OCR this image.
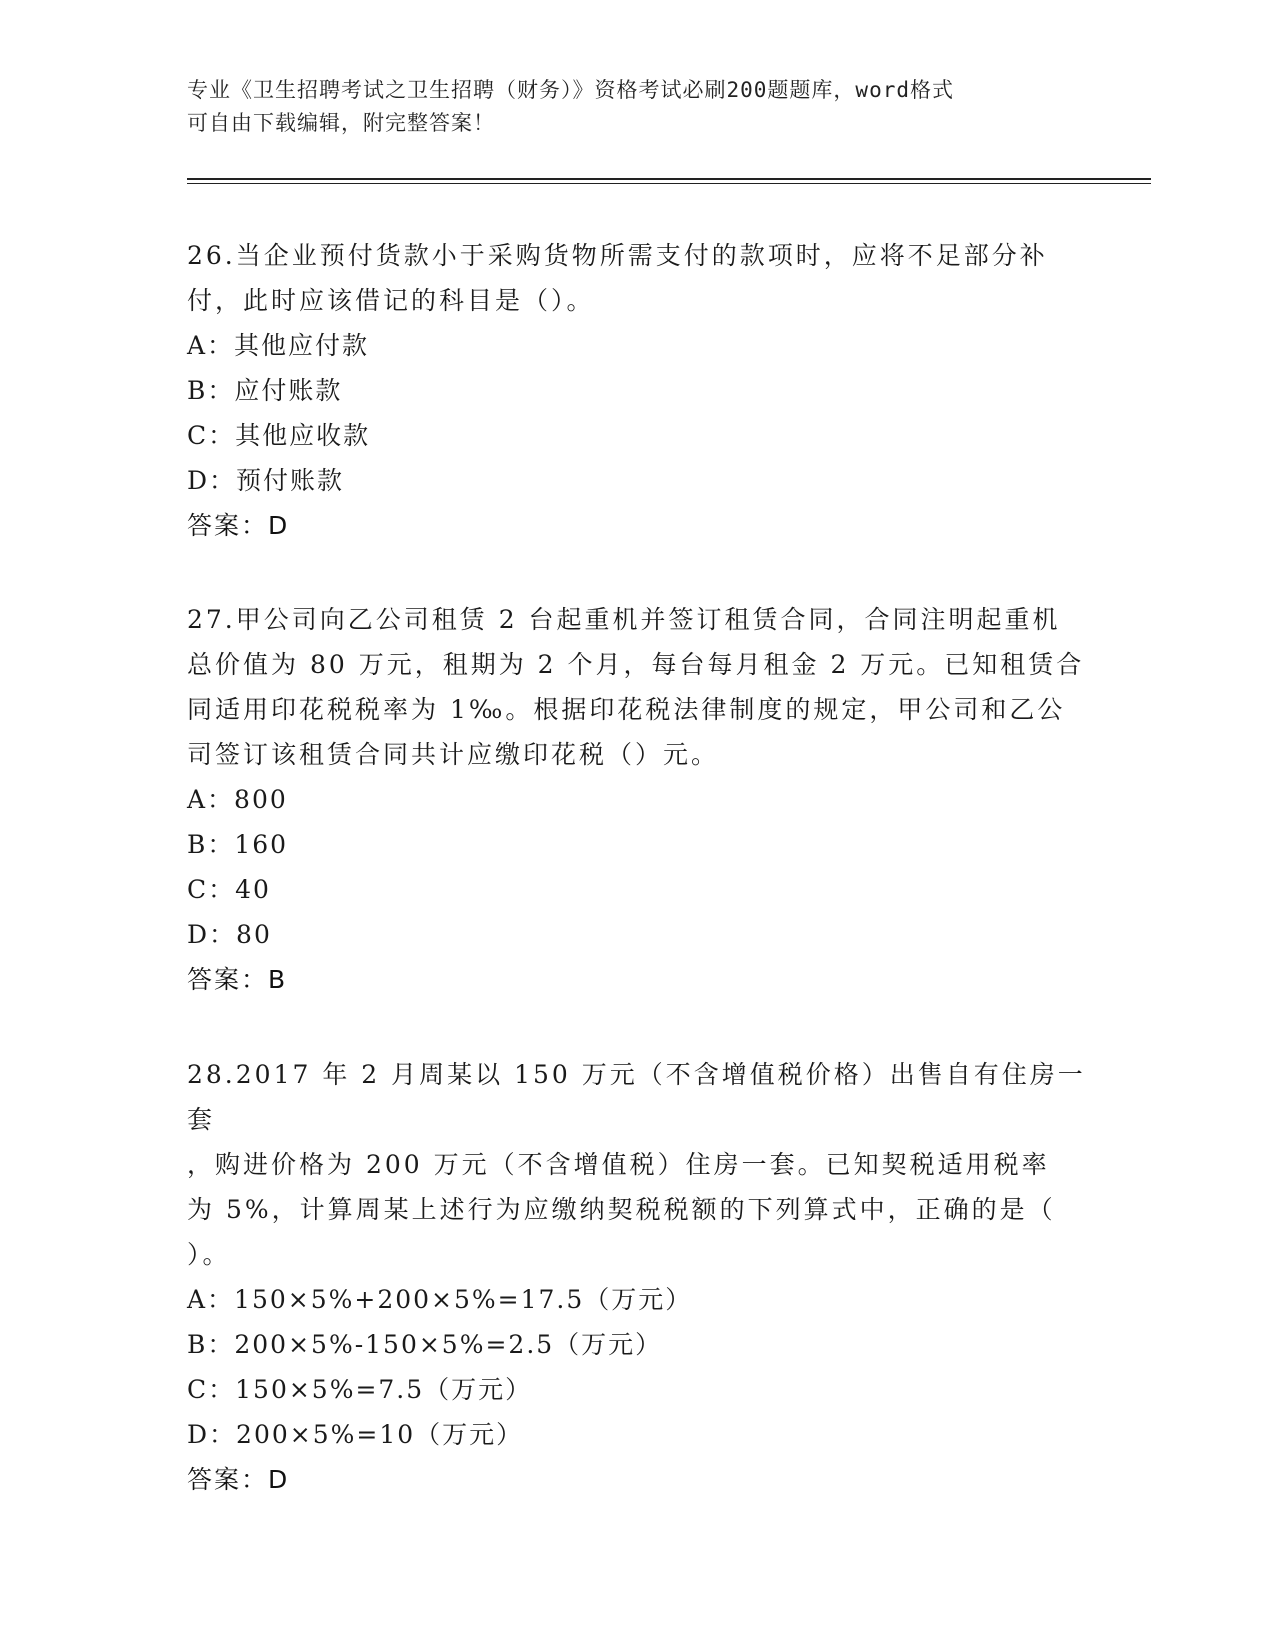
专业《卫生招聘考试之卫生招聘（财务）》资格考试必刷200题题库，word格式
可自由下载编辑，附完整答案！

26.当企业预付货款小于采购货物所需支付的款项时，应将不足部分补

付，此时应该借记的科目是（）。

A：其他应付款

B：应付账款

C：其他应收款

D：预付账款

答案：D

27.甲公司向乙公司租赁 2 台起重机并签订租赁合同，合同注明起重机

总价值为 80 万元，租期为 2 个月，每台每月租金 2 万元。已知租赁合

同适用印花税税率为 1‰。根据印花税法律制度的规定，甲公司和乙公

司签订该租赁合同共计应缴印花税（）元。

A：800

B：160

C：40

D：80

答案：B

28.2017 年 2 月周某以 150 万元（不含增值税价格）出售自有住房一套

，购进价格为 200 万元（不含增值税）住房一套。已知契税适用税率

为 5%，计算周某上述行为应缴纳契税税额的下列算式中，正确的是（

）。

A：150×5%+200×5%=17.5（万元）

B：200×5%-150×5%=2.5（万元）

C：150×5%=7.5（万元）

D：200×5%=10（万元）

答案：D
